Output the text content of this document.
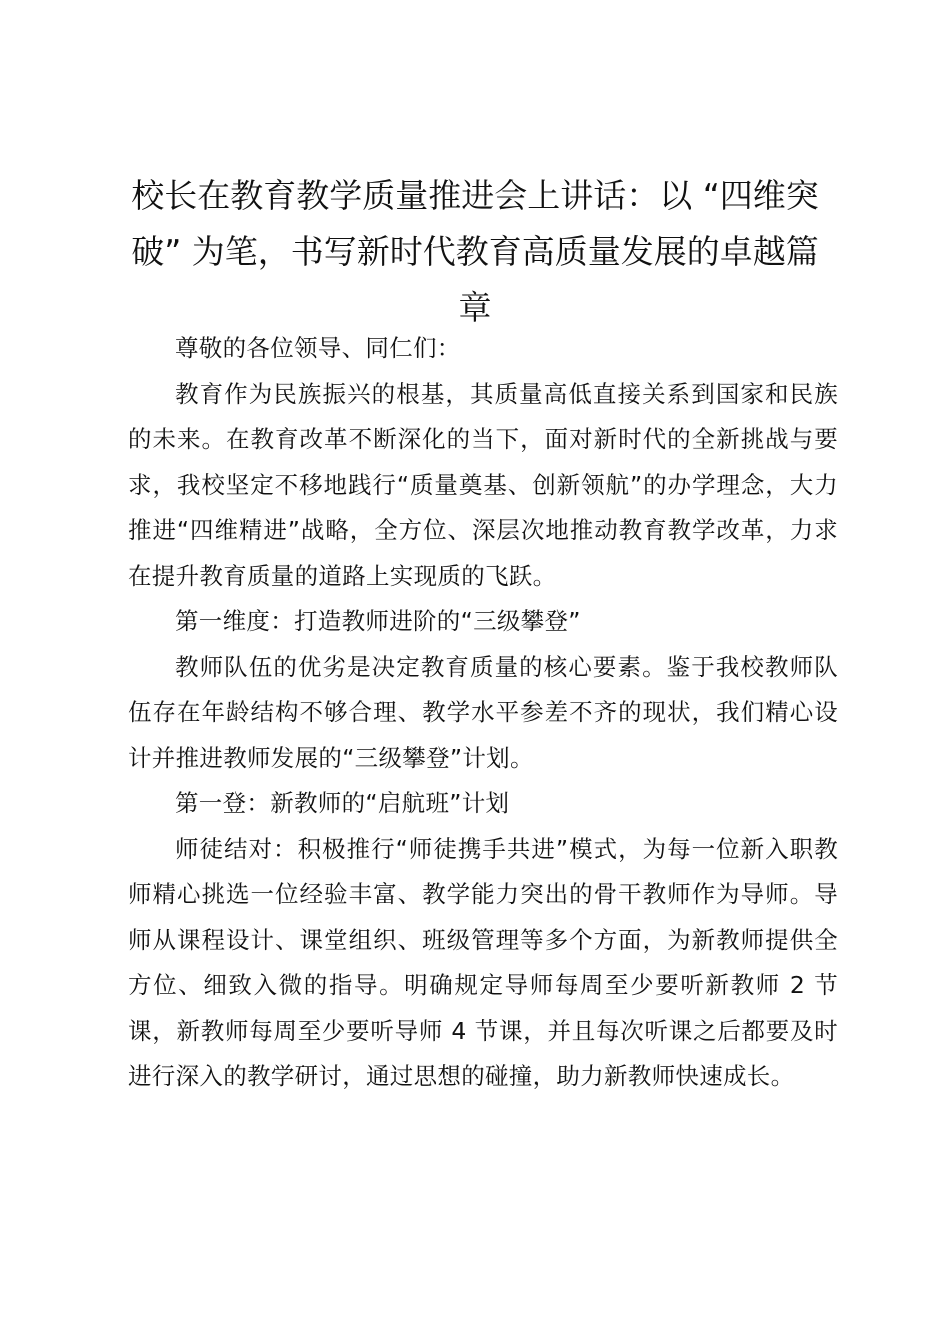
校长在教育教学质量推进会上讲话：以 “四维突破” 为笔，书写新时代教育高质量发展的卓越篇章

尊敬的各位领导、同仁们：

教育作为民族振兴的根基，其质量高低直接关系到国家和民族的未来。在教育改革不断深化的当下，面对新时代的全新挑战与要求，我校坚定不移地践行“质量奠基、创新领航”的办学理念，大力推进“四维精进”战略，全方位、深层次地推动教育教学改革，力求在提升教育质量的道路上实现质的飞跃。

第一维度：打造教师进阶的“三级攀登”

教师队伍的优劣是决定教育质量的核心要素。鉴于我校教师队伍存在年龄结构不够合理、教学水平参差不齐的现状，我们精心设计并推进教师发展的“三级攀登”计划。

第一登：新教师的“启航班”计划

师徒结对：积极推行“师徒携手共进”模式，为每一位新入职教师精心挑选一位经验丰富、教学能力突出的骨干教师作为导师。导师从课程设计、课堂组织、班级管理等多个方面，为新教师提供全方位、细致入微的指导。明确规定导师每周至少要听新教师 2 节课，新教师每周至少要听导师 4 节课，并且每次听课之后都要及时进行深入的教学研讨，通过思想的碰撞，助力新教师快速成长。
